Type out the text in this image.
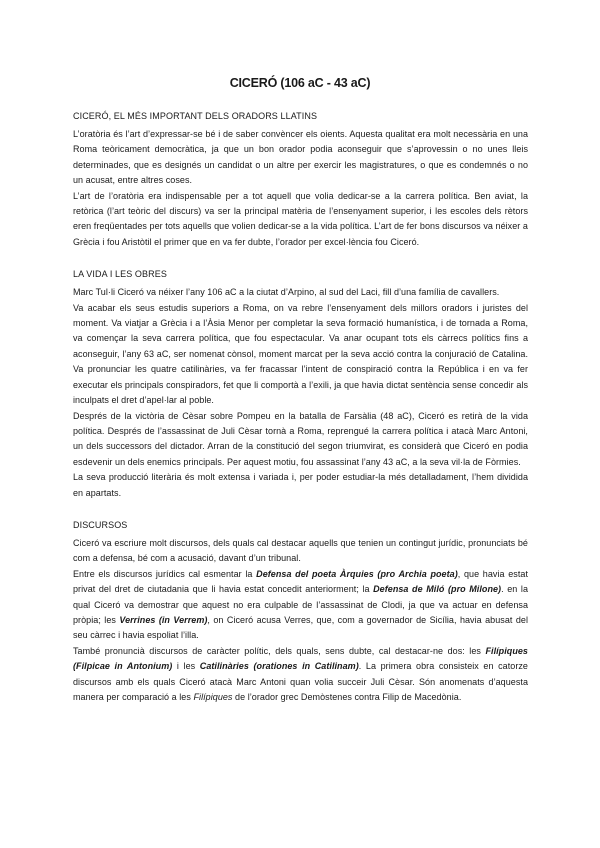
CICERÓ (106 aC - 43 aC)

CICERÓ, EL MÉS IMPORTANT DELS ORADORS LLATINS

L’oratòria és l’art d’expressar-se bé i de saber convèncer els oients. Aquesta qualitat era molt necessària en una Roma teòricament democràtica, ja que un bon orador podia aconseguir que s’aprovessin o no unes lleis determinades, que es designés un candidat o un altre per exercir les magistratures, o que es condemnés o no un acusat, entre altres coses.

L’art de l’oratòria era indispensable per a tot aquell que volia dedicar-se a la carrera política. Ben aviat, la retòrica (l’art teòric del discurs) va ser la principal matèria de l’ensenyament superior, i les escoles dels rètors eren freqüentades per tots aquells que volien dedicar-se a la vida política. L’art de fer bons discursos va néixer a Grècia i fou Aristòtil el primer que en va fer dubte, l’orador per excel·lència fou Ciceró.

LA VIDA I LES OBRES

Marc Tul·li Ciceró va néixer l’any 106 aC a la ciutat d’Arpino, al sud del Laci, fill d’una família de cavallers.

Va acabar els seus estudis superiors a Roma, on va rebre l’ensenyament dels millors oradors i juristes del moment. Va viatjar a Grècia i a l’Àsia Menor per completar la seva formació humanística, i de tornada a Roma, va començar la seva carrera política, que fou espectacular. Va anar ocupant tots els càrrecs polítics fins a aconseguir, l’any 63 aC, ser nomenat cònsol, moment marcat per la seva acció contra la conjuració de Catalina. Va pronunciar les quatre catilinàries, va fer fracassar l’intent de conspiració contra la República i en va fer executar els principals conspiradors, fet que li comportà a l’exili, ja que havia dictat sentència sense concedir als inculpats el dret d’apel·lar al poble.

Després de la victòria de Cèsar sobre Pompeu en la batalla de Farsàlia (48 aC), Ciceró es retirà de la vida política. Després de l’assassinat de Juli Cèsar tornà a Roma, reprengué la carrera política i atacà Marc Antoni, un dels successors del dictador. Arran de la constitució del segon triumvirat, es considerà que Ciceró en podia esdevenir un dels enemics principals. Per aquest motiu, fou assassinat l’any 43 aC, a la seva vil·la de Fòrmies.

La seva producció literària és molt extensa i variada i, per poder estudiar-la més detalladament, l’hem dividida en apartats.

DISCURSOS

Ciceró va escriure molt discursos, dels quals cal destacar aquells que tenien un contingut jurídic, pronunciats bé com a defensa, bé com a acusació, davant d’un tribunal.

Entre els discursos jurídics cal esmentar la Defensa del poeta Àrquies (pro Archia poeta), que havia estat privat del dret de ciutadania que li havia estat concedit anteriorment; la Defensa de Miló (pro Milone). en la qual Ciceró va demostrar que aquest no era culpable de l’assassinat de Clodi, ja que va actuar en defensa pròpia; les Verrines (in Verrem), on Ciceró acusa Verres, que, com a governador de Sicília, havia abusat del seu càrrec i havia espoliat l’illa.

També pronuncià discursos de caràcter polític, dels quals, sens dubte, cal destacar-ne dos: les Filípiques (Filpicae in Antonium) i les Catilinàries (orationes in Catilinam). La primera obra consisteix en catorze discursos amb els quals Ciceró atacà Marc Antoni quan volia succeir Juli Cèsar. Són anomenats d’aquesta manera per comparació a les Filípiques de l’orador grec Demòstenes contra Filip de Macedònia.
